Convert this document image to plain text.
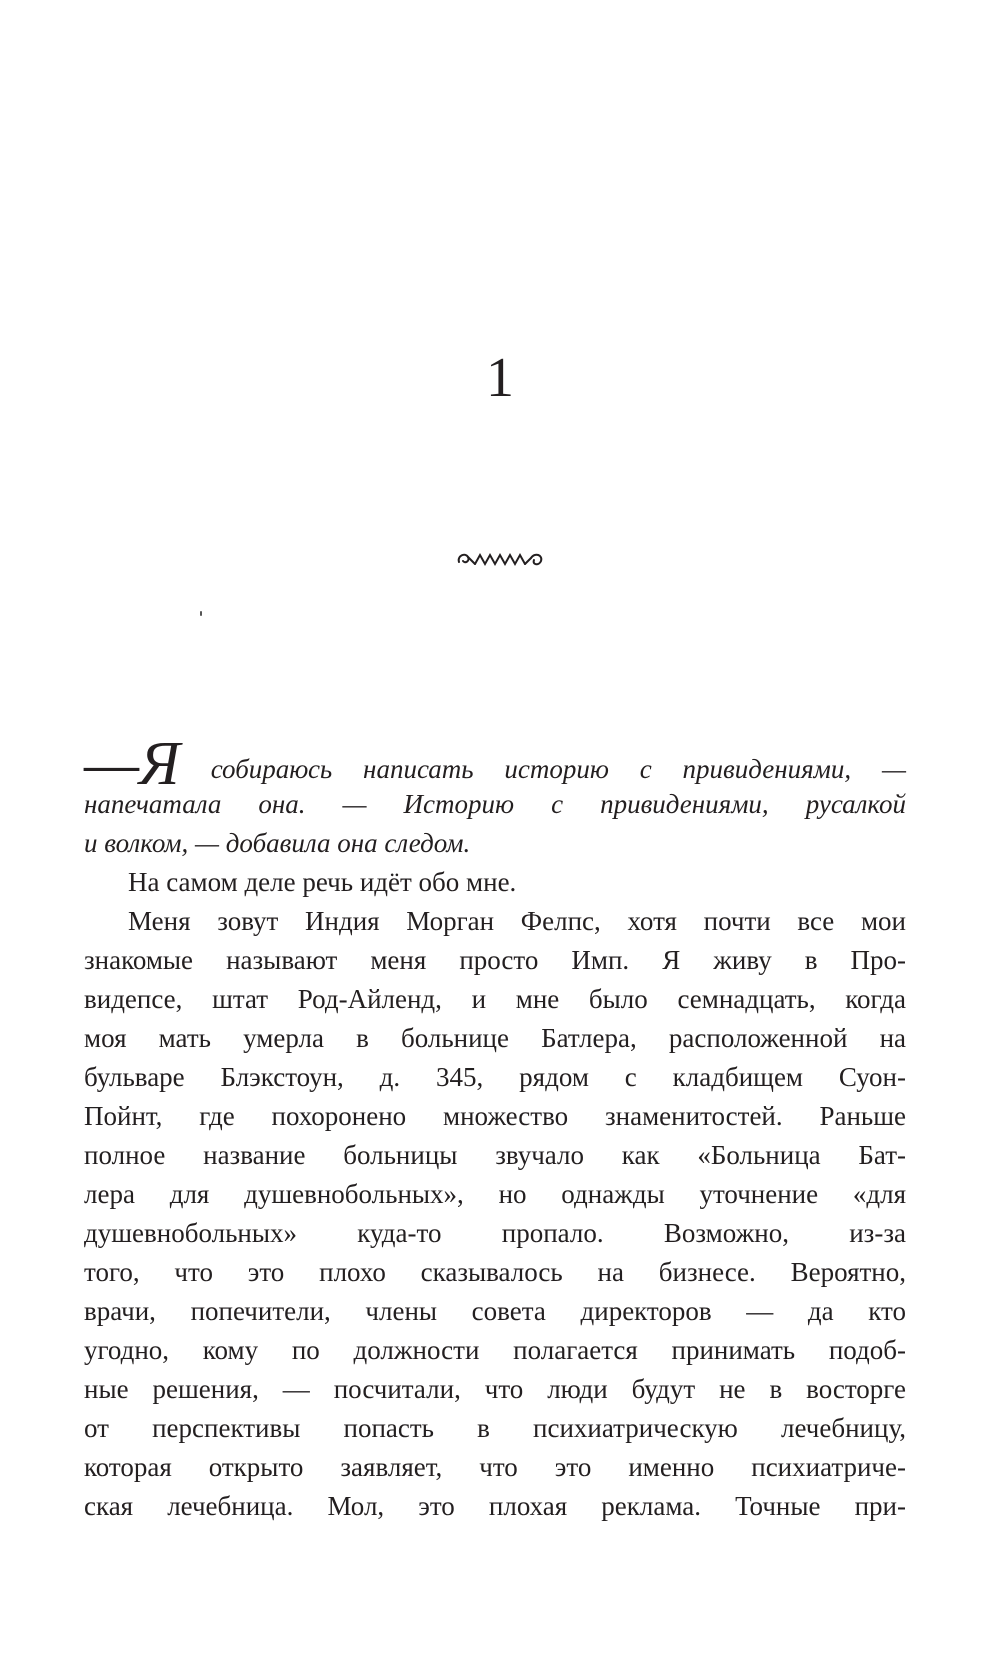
1

—Я собираюсь написать историю с привидениями, —
напечатала она. — Историю с привидениями, русалкой
и волком, — добавила она следом.

На самом деле речь идёт обо мне.

Меня зовут Индия Морган Фелпс, хотя почти все мои
знакомые называют меня просто Имп. Я живу в Про-
видепсе, штат Род-Айленд, и мне было семнадцать, когда
моя мать умерла в больнице Батлера, расположенной на
бульваре Блэкстоун, д. 345, рядом с кладбищем Суон-
Пойнт, где похоронено множество знаменитостей. Раньше
полное название больницы звучало как «Больница Бат-
лера для душевнобольных», но однажды уточнение «для
душевнобольных» куда-то пропало. Возможно, из-за
того, что это плохо сказывалось на бизнесе. Вероятно,
врачи, попечители, члены совета директоров — да кто
угодно, кому по должности полагается принимать подоб-
ные решения, — посчитали, что люди будут не в восторге
от перспективы попасть в психиатрическую лечебницу,
которая открыто заявляет, что это именно психиатриче-
ская лечебница. Мол, это плохая реклама. Точные при-
